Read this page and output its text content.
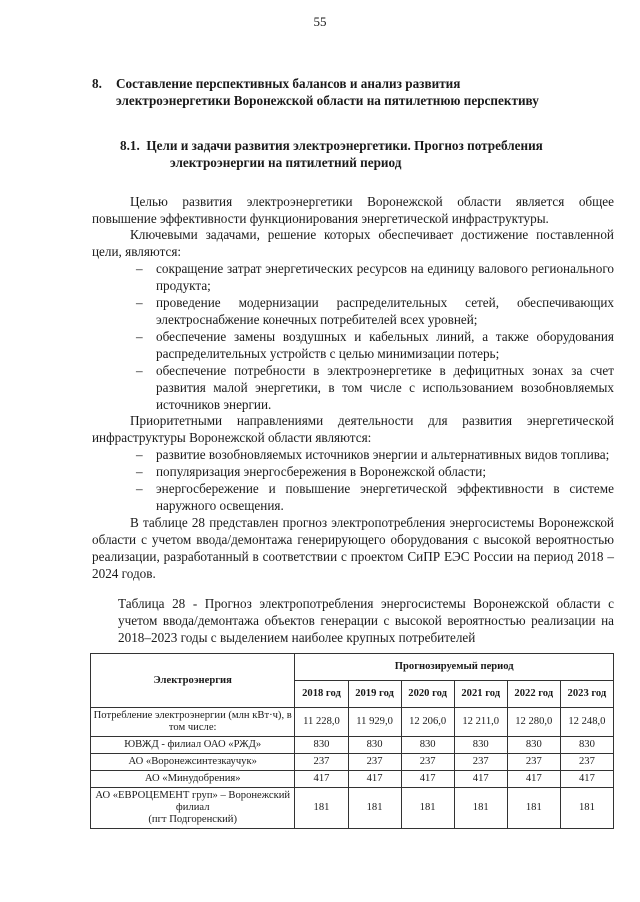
55
8. Составление перспективных балансов и анализ развития
электроэнергетики Воронежской области на пятилетнюю перспективу
8.1. Цели и задачи развития электроэнергетики. Прогноз потребления
электроэнергии на пятилетний период

Целью развития электроэнергетики Воронежской области является общее повышение эффективности функционирования энергетической инфраструктуры.

Ключевыми задачами, решение которых обеспечивает достижение поставленной цели, являются:

– сокращение затрат энергетических ресурсов на единицу валового регионального продукта;
– проведение модернизации распределительных сетей, обеспечивающих электроснабжение конечных потребителей всех уровней;
– обеспечение замены воздушных и кабельных линий, а также оборудования распределительных устройств с целью минимизации потерь;
– обеспечение потребности в электроэнергетике в дефицитных зонах за счет развития малой энергетики, в том числе с использованием возобновляемых источников энергии.

Приоритетными направлениями деятельности для развития энергетической инфраструктуры Воронежской области являются:

– развитие возобновляемых источников энергии и альтернативных видов топлива;
– популяризация энергосбережения в Воронежской области;
– энергосбережение и повышение энергетической эффективности в системе наружного освещения.

В таблице 28 представлен прогноз электропотребления энергосистемы Воронежской области с учетом ввода/демонтажа генерирующего оборудования с высокой вероятностью реализации, разработанный в соответствии с проектом СиПР ЕЭС России на период 2018 – 2024 годов.

Таблица 28 - Прогноз электропотребления энергосистемы Воронежской области с учетом ввода/демонтажа объектов генерации с высокой вероятностью реализации на 2018–2023 годы с выделением наиболее крупных потребителей
Электроэнергия	Прогнозируемый период					
	2018 год	2019 год	2020 год	2021 год	2022 год	2023 год
Потребление электроэнергии (млн кВт·ч), в том числе:	11 228,0	11 929,0	12 206,0	12 211,0	12 280,0	12 248,0
ЮВЖД - филиал ОАО «РЖД»	830	830	830	830	830	830
АО «Воронежсинтезкаучук»	237	237	237	237	237	237
АО «Минудобрения»	417	417	417	417	417	417

АО «ЕВРОЦЕМЕНТ груп» – Воронежский
филиал
(пгт Подгоренский)	181	181	181	181	181	181
